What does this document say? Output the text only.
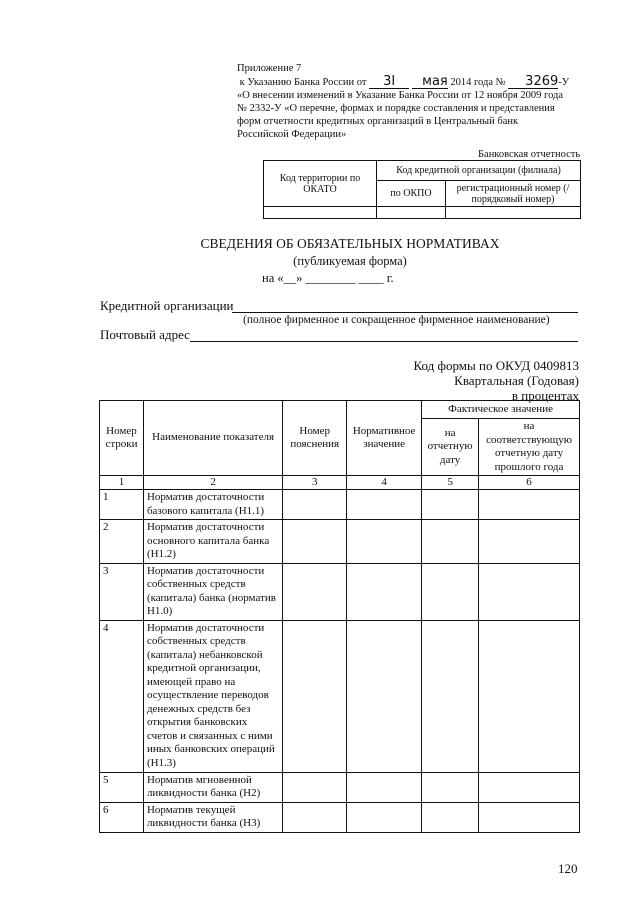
Приложение 7
к Указанию Банка России от 3I мая 2014 года № 3269-У
«О внесении изменений в Указание Банка России от 12 ноября 2009 года
№ 2332-У «О перечне, формах и порядке составления и представления
форм отчетности кредитных организаций в Центральный банк
Российской Федерации»
Банковская отчетность
Код территории по ОКАТО	Код кредитной организации (филиала)	
	по ОКПО	регистрационный номер (/порядковый номер)

СВЕДЕНИЯ ОБ ОБЯЗАТЕЛЬНЫХ НОРМАТИВАХ
(публикуемая форма)
на «__» ________ ____ г.
Кредитной организации
(полное фирменное и сокращенное фирменное наименование)
Почтовый адрес
Код формы по ОКУД 0409813
Квартальная (Годовая)
в процентах
Номер строки	Наименование показателя	Номер пояснения	Нормативное значение	Фактическое значение	
				на отчетную дату	на соответствующую отчетную дату прошлого года
1	2	3	4	5	6
1	Норматив достаточности базового капитала (Н1.1)				
2	Норматив достаточности основного капитала банка (Н1.2)				
3	Норматив достаточности собственных средств (капитала) банка (норматив Н1.0)				
4	Норматив достаточности собственных средств (капитала) небанковской кредитной организации, имеющей право на осуществление переводов денежных средств без открытия банковских счетов и связанных с ними иных банковских операций (Н1.3)				
5	Норматив мгновенной ликвидности банка (Н2)				
6	Норматив текущей ликвидности банка (Н3)				
120
